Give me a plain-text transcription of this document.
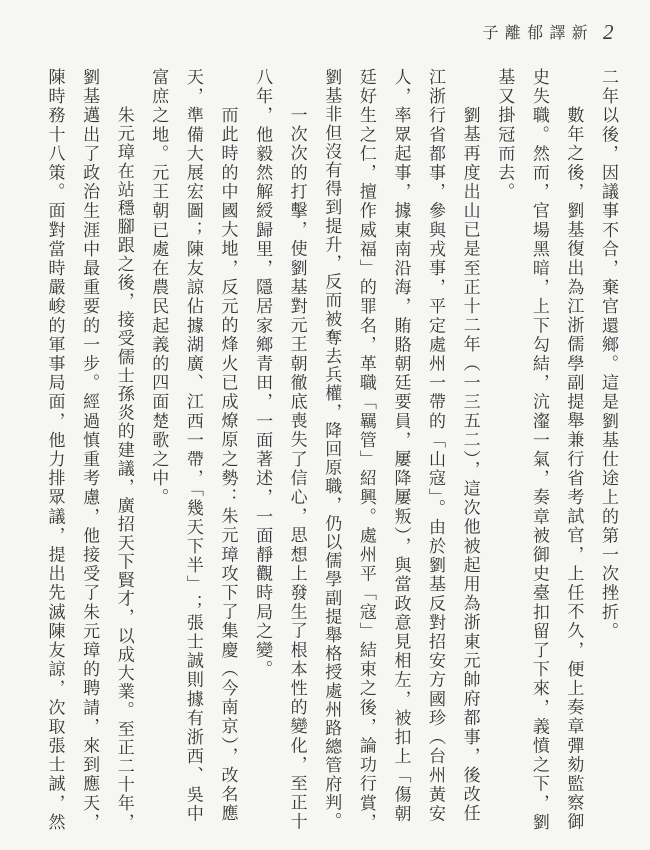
新譯郁離子 2
二年以後，因議事不合，棄官還鄉。這是劉基仕途上的第一次挫折。
數年之後，劉基復出為江浙儒學副提舉兼行省考試官，上任不久，便上奏章彈劾監察御
史失職。然而，官場黑暗，上下勾結，沆瀣一氣，奏章被御史臺扣留了下來，義憤之下，劉
基又掛冠而去。
劉基再度出山已是至正十二年（一三五二），這次他被起用為浙東元帥府都事，後改任
江浙行省都事，參與戎事，平定處州一帶的「山寇」。由於劉基反對招安方國珍（台州黃安
人，率眾起事，據東南沿海，賄賂朝廷要員，屢降屢叛），與當政意見相左，被扣上「傷朝
廷好生之仁，擅作威福」的罪名，革職「羈管」紹興。處州平「寇」結束之後，論功行賞，
劉基非但沒有得到提升，反而被奪去兵權，降回原職，仍以儒學副提舉格授處州路總管府判。
一次次的打擊，使劉基對元王朝徹底喪失了信心，思想上發生了根本性的變化，至正十
八年，他毅然解綬歸里，隱居家鄉青田，一面著述，一面靜觀時局之變。
而此時的中國大地，反元的烽火已成燎原之勢：朱元璋攻下了集慶（今南京），改名應
天，準備大展宏圖；陳友諒佔據湖廣、江西一帶，「幾天下半」；張士誠則據有浙西、吳中
富庶之地。元王朝已處在農民起義的四面楚歌之中。
朱元璋在站穩腳跟之後，接受儒士孫炎的建議，廣招天下賢才，以成大業。至正二十年，
劉基邁出了政治生涯中最重要的一步。經過慎重考慮，他接受了朱元璋的聘請，來到應天，
陳時務十八策。面對當時嚴峻的軍事局面，他力排眾議，提出先滅陳友諒，次取張士誠，然
